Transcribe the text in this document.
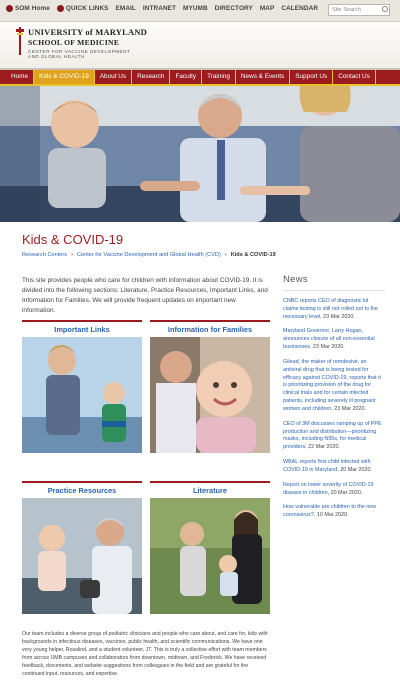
SOM Home	QUICK LINKS EMAIL INTRANET MYUMB DIRECTORY MAP CALENDAR	Site Search
UNIVERSITY of MARYLAND
SCHOOL OF MEDICINE
CENTER FOR VACCINE DEVELOPMENT
AND GLOBAL HEALTH
Home	Kids & COVID-19	About Us	Research	Faculty	Training	News & Events	Support Us	Contact Us
Kids & COVID-19
Research Centers › Center for Vaccine Development and Global Health (CVD) › Kids & COVID-19

This site provides people who care for children with information about COVID-19. It is divided into the following sections: Literature, Practice Resources, Important Links, and Information for Families. We will provide frequent updates on important new information.

Important Links	Information for Families
Practice Resources	Literature

Our team includes a diverse group of pediatric clinicians and people who care about, and care for, kids with backgrounds in infectious diseases, vaccines, public health, and scientific communications. We have one very young helper, Rosalind, and a student volunteer, JT. This is truly a collective effort with team members from across UMB campuses and collaborators from downtown, midtown, and Frederick. We have received feedback, documents, and website suggestions from colleagues in the field and are grateful for the continued input, resources, and expertise.

News
CNBC reports CEO of diagnostic kit claims testing is still not rolled out to the necessary level, 23 Mar 2020.
Maryland Governor, Larry Hogan, announces closure of all non-essential businesses, 23 Mar 2020.
Gilead, the maker of remdesivir, an antiviral drug that is being tested for efficacy against COVID-19, reports that it is prioritizing provision of the drug for clinical trials and for certain infected patients, including severely ill pregnant women and children, 23 Mar 2020.
CEO of 3M discusses ramping up of PPE production and distribution—prioritizing masks, including N95s, for medical providers, 22 Mar 2020.
WBAL reports first child infected with COVID-19 in Maryland, 20 Mar 2020.
Report on lower severity of COVID-19 disease in children, 20 Mar 2020.
How vulnerable are children to the new coronavirus?, 10 Mar 2020.
